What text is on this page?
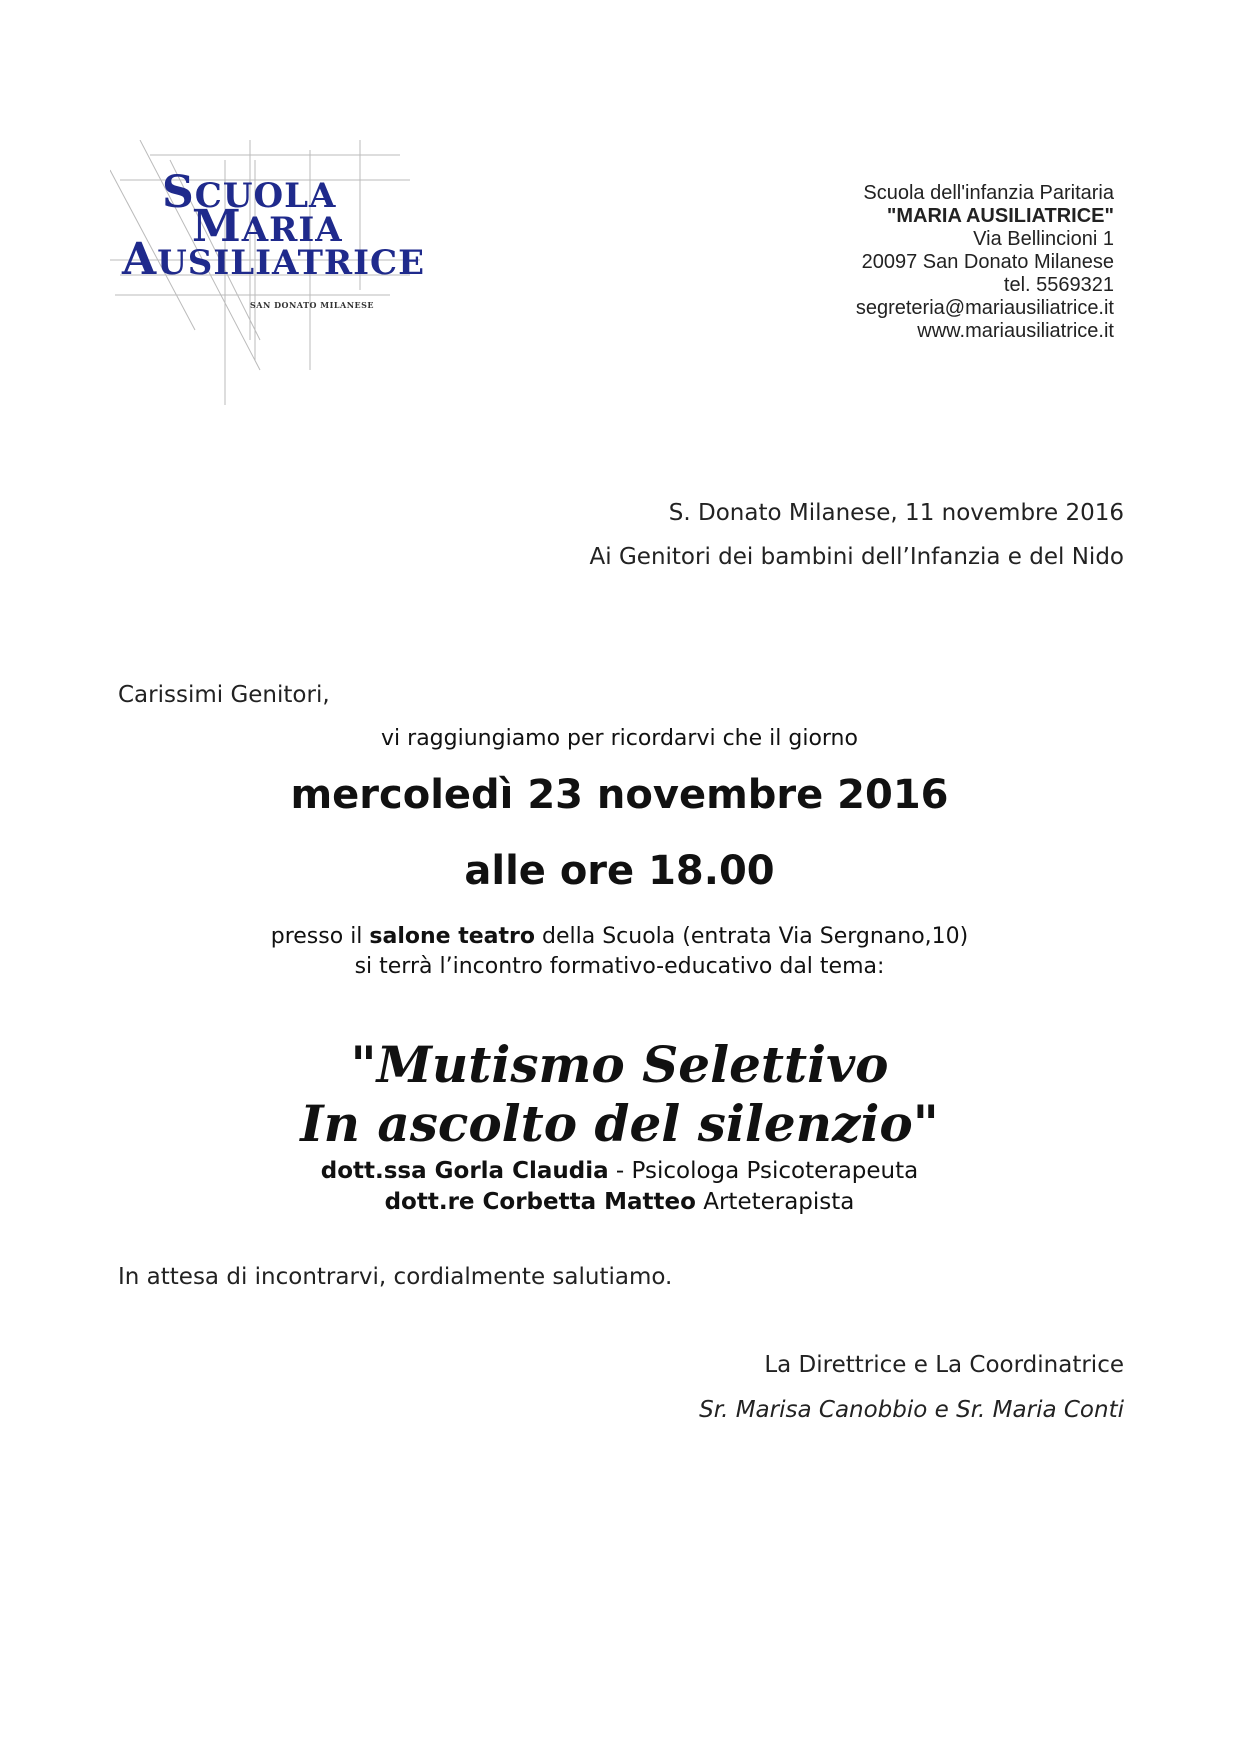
SCUOLA
MARIA
AUSILIATRICE
SAN DONATO MILANESE
Scuola dell'infanzia Paritaria
"MARIA AUSILIATRICE"
Via Bellincioni 1
20097 San Donato Milanese
tel. 5569321
segreteria@mariausiliatrice.it
www.mariausiliatrice.it
S. Donato Milanese, 11 novembre 2016
Ai Genitori dei bambini dell’Infanzia e del Nido
Carissimi Genitori,
vi raggiungiamo per ricordarvi che il giorno
mercoledì 23 novembre 2016
alle ore 18.00
presso il salone teatro della Scuola (entrata Via Sergnano,10)
si terrà l’incontro formativo-educativo dal tema:
"Mutismo Selettivo
In ascolto del silenzio"
dott.ssa Gorla Claudia - Psicologa Psicoterapeuta
dott.re Corbetta Matteo Arteterapista
In attesa di incontrarvi, cordialmente salutiamo.
La Direttrice e La Coordinatrice
Sr. Marisa Canobbio e Sr. Maria Conti
